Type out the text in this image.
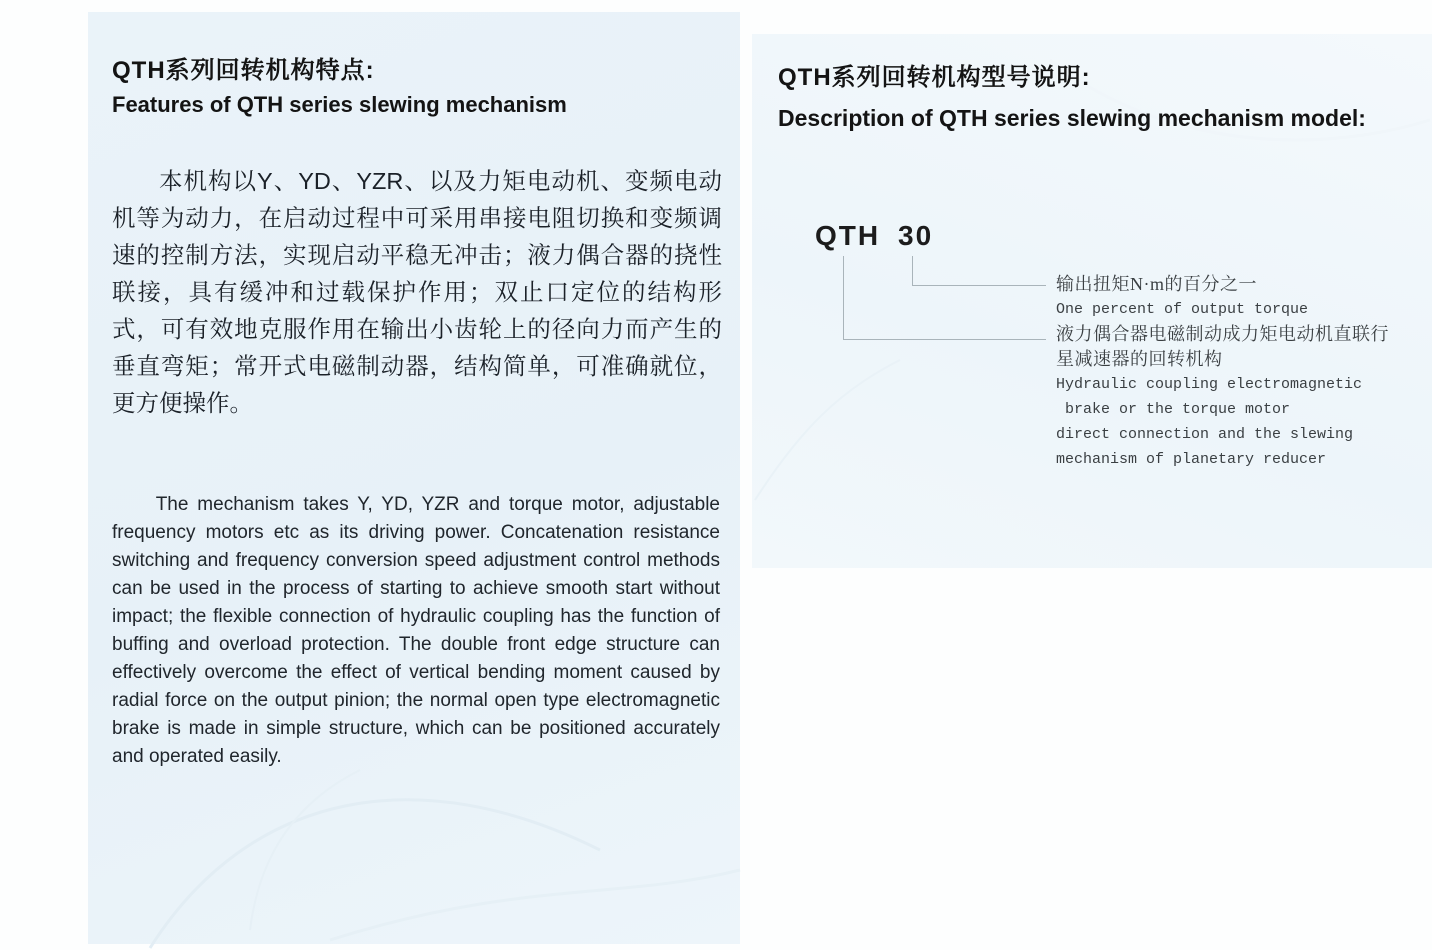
QTH系列回转机构特点:
Features of QTH series slewing mechanism
本机构以Y、YD、YZR、以及力矩电动机、变频电动机等为动力，在启动过程中可采用串接电阻切换和变频调速的控制方法，实现启动平稳无冲击；液力偶合器的挠性联接，具有缓冲和过载保护作用；双止口定位的结构形式，可有效地克服作用在输出小齿轮上的径向力而产生的垂直弯矩；常开式电磁制动器，结构简单，可准确就位，更方便操作。
The mechanism takes Y, YD, YZR and torque motor, adjustable frequency motors etc as its driving power. Concatenation resistance switching and frequency conversion speed adjustment control methods can be used in the process of starting to achieve smooth start without impact; the flexible connection of hydraulic coupling has the function of buffing and overload protection. The double front edge structure can effectively overcome the effect of vertical bending moment caused by radial force on the output pinion; the normal open type electromagnetic brake is made in simple structure, which can be positioned accurately and operated easily.
QTH系列回转机构型号说明:
Description of QTH series slewing mechanism model:
QTH 30
输出扭矩N·m的百分之一
One percent of output torque
液力偶合器电磁制动成力矩电动机直联行
星减速器的回转机构
Hydraulic coupling electromagnetic
brake or the torque motor
direct connection and the slewing
mechanism of planetary reducer
